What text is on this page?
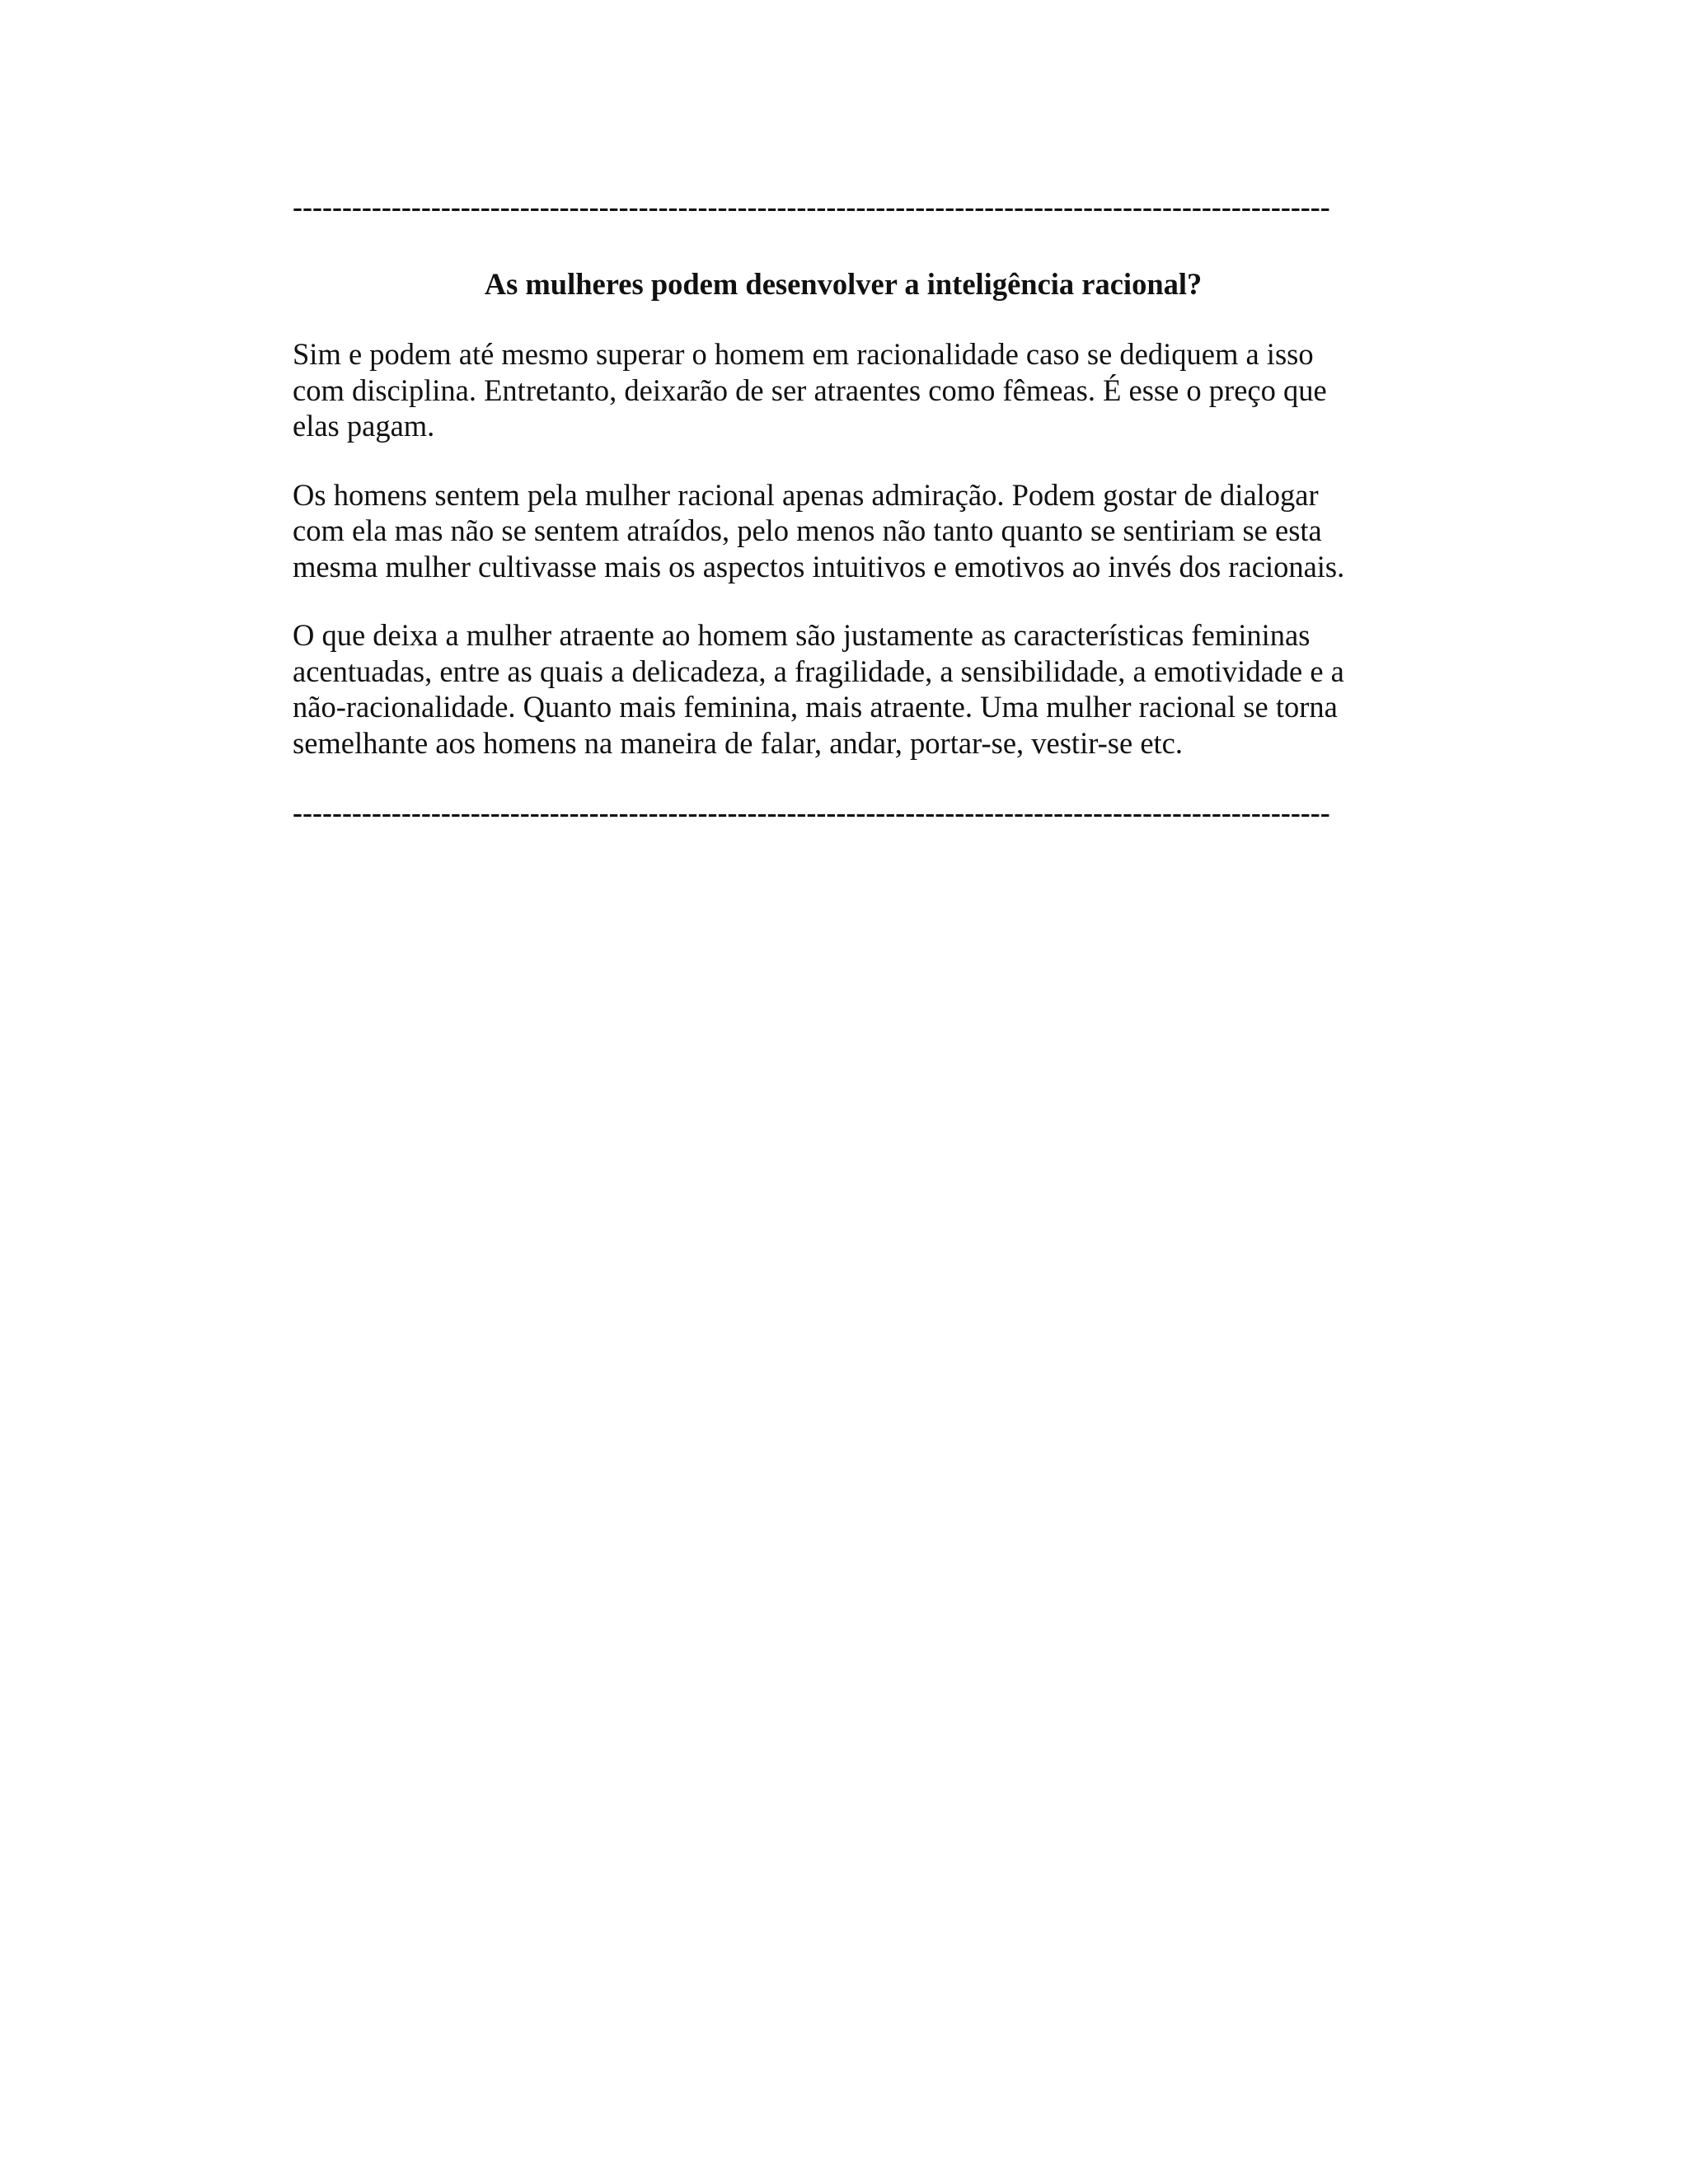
---------------------------------------------------------------------------------------------------------
As mulheres podem desenvolver a inteligência racional?
Sim e podem até mesmo superar o homem em racionalidade caso se dediquem a isso
com disciplina. Entretanto, deixarão de ser atraentes como fêmeas. É esse o preço que
elas pagam.
Os homens sentem pela mulher racional apenas admiração. Podem gostar de dialogar
com ela mas não se sentem atraídos, pelo menos não tanto quanto se sentiriam se esta
mesma mulher cultivasse mais os aspectos intuitivos e emotivos ao invés dos racionais.
O que deixa a mulher atraente ao homem são justamente as características femininas
acentuadas, entre as quais a delicadeza, a fragilidade, a sensibilidade, a emotividade e a
não-racionalidade. Quanto mais feminina, mais atraente. Uma mulher racional se torna
semelhante aos homens na maneira de falar, andar, portar-se, vestir-se etc.
---------------------------------------------------------------------------------------------------------
